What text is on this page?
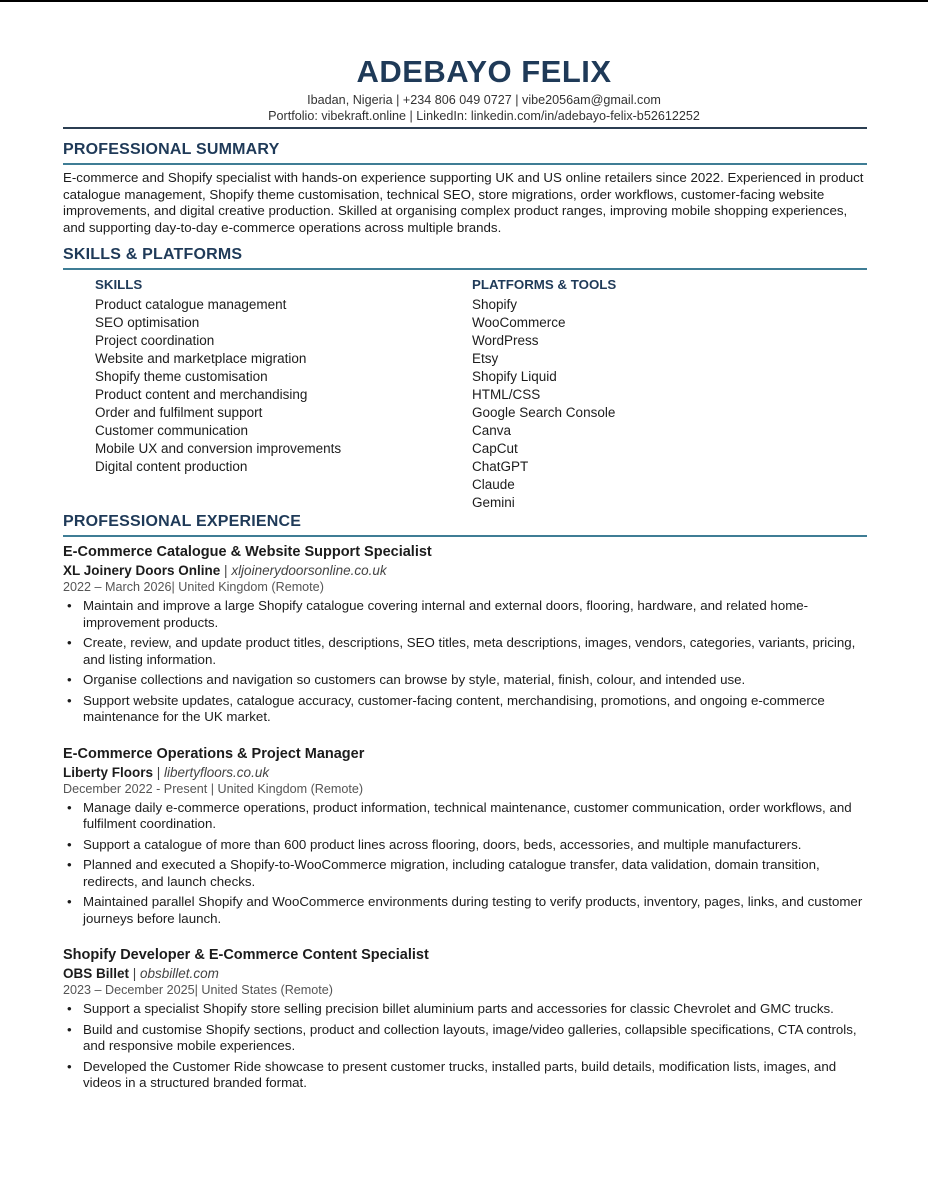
ADEBAYO FELIX
Ibadan, Nigeria | +234 806 049 0727 | vibe2056am@gmail.com
Portfolio: vibekraft.online | LinkedIn: linkedin.com/in/adebayo-felix-b52612252
PROFESSIONAL SUMMARY

E-commerce and Shopify specialist with hands-on experience supporting UK and US online retailers since 2022. Experienced in product catalogue management, Shopify theme customisation, technical SEO, store migrations, order workflows, customer-facing website improvements, and digital creative production. Skilled at organising complex product ranges, improving mobile shopping experiences, and supporting day-to-day e-commerce operations across multiple brands.

SKILLS & PLATFORMS
SKILLS
Product catalogue management
SEO optimisation
Project coordination
Website and marketplace migration
Shopify theme customisation
Product content and merchandising
Order and fulfilment support
Customer communication
Mobile UX and conversion improvements
Digital content production
PLATFORMS & TOOLS
Shopify
WooCommerce
WordPress
Etsy
Shopify Liquid
HTML/CSS
Google Search Console
Canva
CapCut
ChatGPT
Claude
Gemini
PROFESSIONAL EXPERIENCE
E-Commerce Catalogue & Website Support Specialist
XL Joinery Doors Online | xljoinerydoorsonline.co.uk
2022 – March 2026| United Kingdom (Remote)
• Maintain and improve a large Shopify catalogue covering internal and external doors, flooring, hardware, and related home-improvement products.
• Create, review, and update product titles, descriptions, SEO titles, meta descriptions, images, vendors, categories, variants, pricing, and listing information.
• Organise collections and navigation so customers can browse by style, material, finish, colour, and intended use.
• Support website updates, catalogue accuracy, customer-facing content, merchandising, promotions, and ongoing e-commerce maintenance for the UK market.
E-Commerce Operations & Project Manager
Liberty Floors | libertyfloors.co.uk
December 2022 - Present | United Kingdom (Remote)
• Manage daily e-commerce operations, product information, technical maintenance, customer communication, order workflows, and fulfilment coordination.
• Support a catalogue of more than 600 product lines across flooring, doors, beds, accessories, and multiple manufacturers.
• Planned and executed a Shopify-to-WooCommerce migration, including catalogue transfer, data validation, domain transition, redirects, and launch checks.
• Maintained parallel Shopify and WooCommerce environments during testing to verify products, inventory, pages, links, and customer journeys before launch.
Shopify Developer & E-Commerce Content Specialist
OBS Billet | obsbillet.com
2023 – December 2025| United States (Remote)
• Support a specialist Shopify store selling precision billet aluminium parts and accessories for classic Chevrolet and GMC trucks.
• Build and customise Shopify sections, product and collection layouts, image/video galleries, collapsible specifications, CTA controls, and responsive mobile experiences.
• Developed the Customer Ride showcase to present customer trucks, installed parts, build details, modification lists, images, and videos in a structured branded format.
